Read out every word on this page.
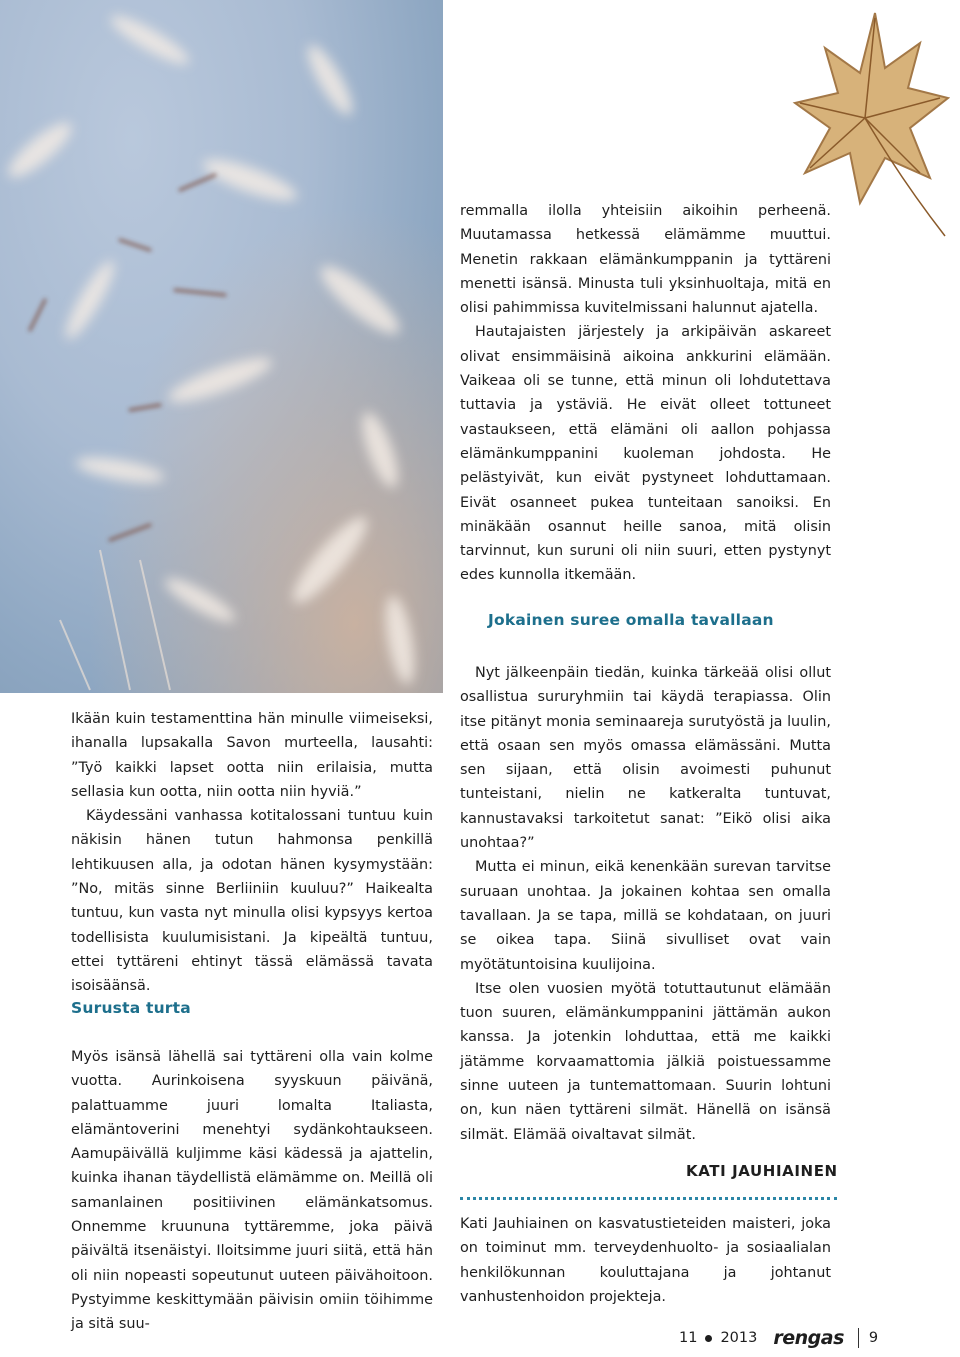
remmalla ilolla yhteisiin aikoihin perheenä. Muutamassa hetkessä elämämme muuttui. Menetin rakkaan elämänkumppanin ja tyttäreni menetti isänsä. Minusta tuli yksinhuoltaja, mitä en olisi pahimmissa kuvitelmissani halunnut ajatella.

Hautajaisten järjestely ja arkipäivän askareet olivat ensimmäisinä aikoina ankkurini elämään. Vaikeaa oli se tunne, että minun oli lohdutettava tuttavia ja ystäviä. He eivät olleet tottuneet vastaukseen, että elämäni oli aallon pohjassa elämänkumppanini kuoleman johdosta. He pelästyivät, kun eivät pystyneet lohduttamaan. Eivät osanneet pukea tunteitaan sanoiksi. En minäkään osannut heille sanoa, mitä olisin tarvinnut, kun suruni oli niin suuri, etten pystynyt edes kunnolla itkemään.

Jokainen suree omalla tavallaan

Nyt jälkeenpäin tiedän, kuinka tärkeää olisi ollut osallistua sururyhmiin tai käydä terapiassa. Olin itse pitänyt monia seminaareja surutyöstä ja luulin, että osaan sen myös omassa elämässäni. Mutta sen sijaan, että olisin avoimesti puhunut tunteistani, nielin ne katkeralta tuntuvat, kannustavaksi tarkoitetut sanat: ”Eikö olisi aika unohtaa?”

Mutta ei minun, eikä kenenkään surevan tarvitse suruaan unohtaa. Ja jokainen kohtaa sen omalla tavallaan. Ja se tapa, millä se kohdataan, on juuri se oikea tapa. Siinä sivulliset ovat vain myötätuntoisina kuulijoina.

Itse olen vuosien myötä totuttautunut elämään tuon suuren, elämänkumppanini jättämän aukon kanssa. Ja jotenkin lohduttaa, että me kaikki jätämme korvaamattomia jälkiä poistuessamme sinne uuteen ja tuntemattomaan. Suurin lohtuni on, kun näen tyttäreni silmät. Hänellä on isänsä silmät. Elämää oivaltavat silmät.

KATI JAUHIAINEN

Kati Jauhiainen on kasvatustieteiden maisteri, joka on toiminut mm. terveydenhuolto- ja sosiaalialan henkilökunnan kouluttajana ja johtanut vanhustenhoidon projekteja.

Ikään kuin testamenttina hän minulle viimeiseksi, ihanalla lupsakalla Savon murteella, lausahti: ”Työ kaikki lapset ootta niin erilaisia, mutta sellasia kun ootta, niin ootta niin hyviä.”

Käydessäni vanhassa kotitalossani tuntuu kuin näkisin hänen tutun hahmonsa penkillä lehtikuusen alla, ja odotan hänen kysymystään: ”No, mitäs sinne Berliiniin kuuluu?” Haikealta tuntuu, kun vasta nyt minulla olisi kypsyys kertoa todellisista kuulumisistani. Ja kipeältä tuntuu, ettei tyttäreni ehtinyt tässä elämässä tavata isoisäänsä.

Surusta turta

Myös isänsä lähellä sai tyttäreni olla vain kolme vuotta. Aurinkoisena syyskuun päivänä, palattuamme juuri lomalta Italiasta, elämäntoverini menehtyi sydänkohtaukseen. Aamupäivällä kuljimme käsi kädessä ja ajattelin, kuinka ihanan täydellistä elämämme on. Meillä oli samanlainen positiivinen elämänkatsomus. Onnemme kruununa tyttäremme, joka päivä päivältä itsenäistyi. Iloitsimme juuri siitä, että hän oli niin nopeasti sopeutunut uuteen päivähoitoon. Pystyimme keskittymään päivisin omiin töihimme ja sitä suu-

11 2013 rengas 9
